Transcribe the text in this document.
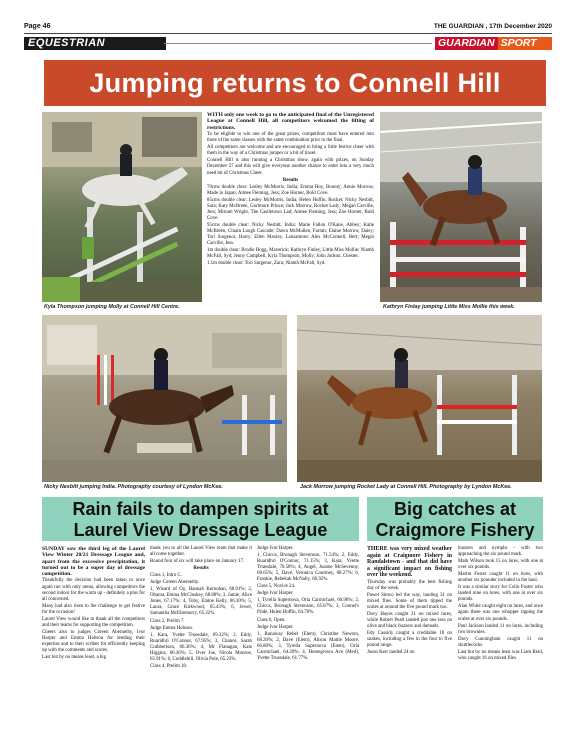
Page 46	THE GUARDIAN , 17th December 2020
EQUESTRIAN	GUARDIAN SPORT
Jumping returns to Connell Hill
Kyla Thompson jumping Molly at Connell Hill Centre.

WITH only one week to go to the anticipated final of the Unregistered League at Connell Hill, all competitors welcomed the lifting of restrictions.

To be eligible to win one of the great prizes, competitors must have entered into three of the same classes with the same combination prior to the final.

All competitors are welcome and are encouraged to bring a little festive cheer with them in the way of a Christmas jumper or a bit of tinsel.

Connell Hill is also running a Christmas show, again with prizes, on Sunday December 27 and this will give everyone another chance to enter into a very much need bit of Christmas Cheer.

Results

70cms double clear: Lesley McMorris, India; Emma Hoy, Bounty; Annie Morrow, Made in Japan; Aimee Fleming, Jess; Zoe Horner, Bold Cove.

85cms double clear: Lesley McMorris, India; Helen Hoffin, Rocket; Nicky Nesbitt, Sara; Katy McBreen, Gortmore Prince; Jack Morrow, Rocket Lady; Megan Carville, Jess; Miriam Wright, The Castletown Lad; Aimee Fleming, Jess; Zoe Horner, Bold Cove.

95cms double clear: Nicky Nesbitt, India; Marie Fallon O'Kane, Abbey; Katie McBreen, Cluain Lough Cascade; Dawn McMullen, Farrah; Elaine Morrow, Daisy; Tori Surgenor, Harry; Ellen Maxley, Lanzamore; Alex McConnell, Bert; Megin Carville, Jess.

1m double clear: Brodie Hogg, Maverick; Kathryn Finley, Little Miss Mollie; Niamh McFall, Syd; Jenny Campbell, Kyla Thompson, Molly; John Judson, Chester.

1.1m double clear: Tori Surgenor, Zara; Niamh McFall, Syd.

Kathryn Finlay jumping Little Miss Mollie this week.
Nicky Nesbitt jumping India. Photography courtesy of Lyndon McKee.	Jack Morrow jumping Rocket Lady at Connell Hill. Photography by Lyndon McKee.
Rain fails to dampen spirits at
Laurel View Dressage League

SUNDAY saw the third leg of the Laurel View Winter 20/21 Dressage League and, apart from the excessive precipitation, it turned out to be a super day of dressage competition.

Thankfully the decision had been taken to once again run with only arena, allowing competitors the second indoor for the warm up - definitely a plus for all concerned.

Many had also risen to the challenge to get festive for the occasion!

Laurel View would like to thank all the competitors and their teams for supporting the competition.

Cheers also to judges Coreen Abernethy, Ivor Harper and Emma Hobson for lending their expertise and to their scribes for efficiently keeping up with the comments and scores.

Last but by no means least, a big

thank you to all the Laurel View team that make it all come together.

Round four of six will take place on January 17.

Results

Class 1, Intro C.

Judge Coreen Abernethy.

1, Wizard of Oz, Hannah Kernohan, 68.91%; 2, Obama, Emma McCloskey, 68.88%; 3, Jamie, Alice Jones, 67.17%; 4, Toby, Elaine Kelly, 66.30%; 5, Laura, Grace Kirkwood, 65.43%; 6, Jewel, Samantha McElremurry, 65.22%.

Class 2, Prelim 7.

Judge Emma Hobson.

1, Kara, Yvette Truesdale, 69.32%; 2, Eddy, Ruaridhri O'Connor, 67.95%; 3, Chance, Sarah Cuthbertson, 66.36%; 4, Mr Flanagan, Kate Higgins, 66.36%; 5, Over Joe, Nicola Monroe, 65.91%; 6, Coddlehill, Olivia Pole, 65.23%.

Class 4, Prelim 18.

Judge Ivor Harper.

1, Chicca, Bronagh Stevenson, 71.54%; 2, Eddy, Ruaridhri O'Connor, 71.15%; 3, Kara, Yvette Truesdale, 70.58%; 4, Angel, Joanne McSevenny, 68.65%; 5, Dave, Veronica Courtney, 68.27%; 6, Frankie, Rebekah McNally, 66.92%.

Class 5, Novice 24.

Judge Ivor Harper.

1, Tyrella Supernova, Orla Carmichael, 66.96%; 2, Chicca, Bronagh Stevenson, 65.87%; 3, Connel's Pride, Helen Hoffin, 64.78%.

Class 6, Open.

Judge Ivor Harper.

1, Runaway Rebel (Elem), Christine Newton, 68.20%; 2, Dave (Elem), Alison Mattie Moore, 66.80%; 3, Tyrella Supernova (Elem), Orla Carmichael, 64.20%; 4, Homegrown Ace (Med), Yvette Truesdale, 61.77%.

Big catches at
Craigmore Fishery

THERE was very mixed weather again at Craigmore Fishery in Randalstown - and that did have a significant impact on fishing over the weekend.

Thursday was probably the best fishing day of the week.

Pawel Simco led the way, landing 31 on mixed flies. Some of them tipped the scales at around the five pound mark too.

Davy Hayes caught 21 on mixed lures, while Robert Pearl landed just one less on olive and black buzzers and damsels.

Edy Cassidy caught a creditable 18 on snakes, including a few in the four to five pound range.

Jason Kerr landed 24 on

buzzers and nymphs - with two approaching the six pound mark.

Mark Wilson took 15 on lures, with one at over six pounds.

Martin Foster caught 11 on lures, with another six pounder included in the haul.

It was a similar story for Colin Foster who landed nine on lures, with one at over six pounds.

Alan White caught eight on lures, and once again there was one whopper tipping the scales at over six pounds.

Paul Jackson landed 11 on lures, including two brownies.

Davy Cunningham caught 11 on shuttlecocks.

Last but by no means least was Liam Reid, who caught 16 on mixed flies.
